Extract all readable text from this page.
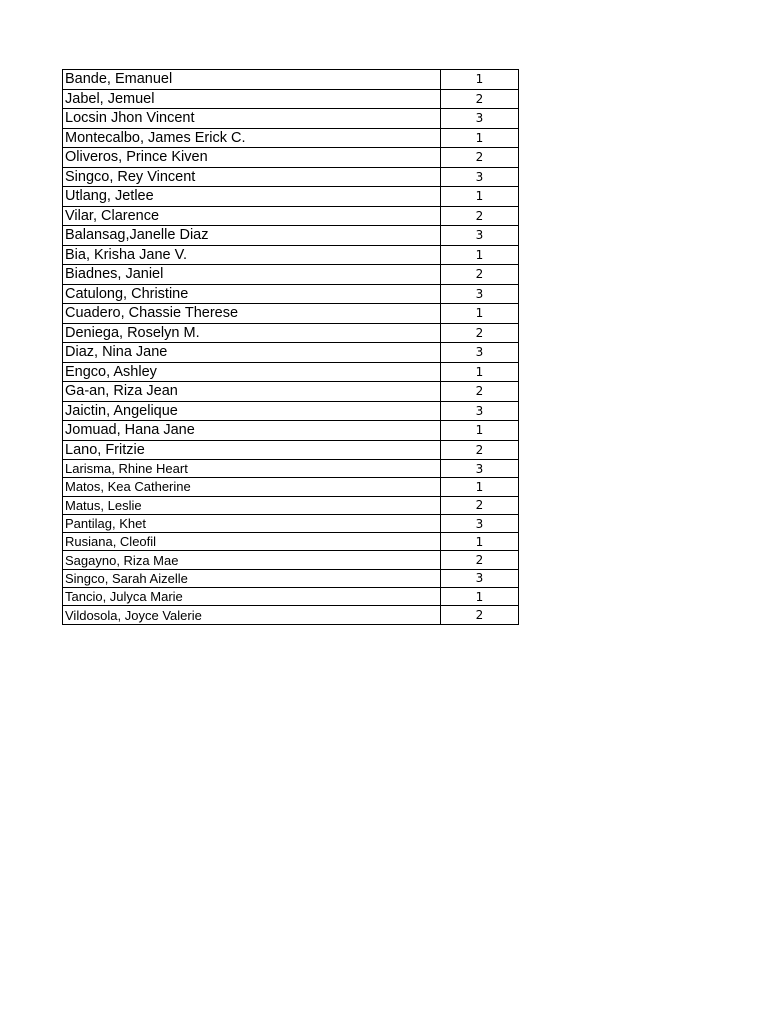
Bande, Emanuel	1
Jabel, Jemuel	2
Locsin Jhon Vincent	3
Montecalbo, James Erick C.	1
Oliveros, Prince Kiven	2
Singco, Rey Vincent	3
Utlang, Jetlee	1
Vilar, Clarence	2
Balansag,Janelle Diaz	3
Bia, Krisha Jane V.	1
Biadnes, Janiel	2
Catulong, Christine	3
Cuadero, Chassie Therese	1
Deniega, Roselyn M.	2
Diaz, Nina Jane	3
Engco, Ashley	1
Ga-an, Riza Jean	2
Jaictin, Angelique	3
Jomuad, Hana Jane	1
Lano, Fritzie	2
Larisma, Rhine Heart	3
Matos, Kea Catherine	1
Matus, Leslie	2
Pantilag, Khet	3
Rusiana, Cleofil	1
Sagayno, Riza Mae	2
Singco, Sarah Aizelle	3
Tancio, Julyca Marie	1
Vildosola, Joyce Valerie	2
